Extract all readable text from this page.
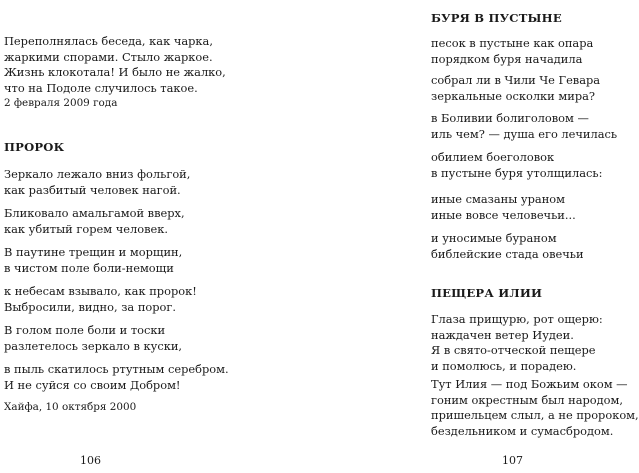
Переполнялась беседа, как чарка,
жаркими спорами. Стыло жаркое.
Жизнь клокотала! И было не жалко,
что на Подоле случилось такое.
2 февраля 2009 года
ПРОРОК
Зеркало лежало вниз фольгой,
как разбитый человек нагой.
Бликовало амальгамой вверх,
как убитый горем человек.
В паутине трещин и морщин,
в чистом поле боли-немощи
к небесам взывало, как пророк!
Выбросили, видно, за порог.
В голом поле боли и тоски
разлетелось зеркало в куски,
в пыль скатилось ртутным серебром.
И не суйся со своим Добром!
Хайфа, 10 октября 2000
106
БУРЯ В ПУСТЫНЕ
песок в пустыне как опара
порядком буря начадила
собрал ли в Чили Че Гевара
зеркальные осколки мира?
в Боливии болиголовом —
иль чем? — душа его лечилась
обилием боеголовок
в пустыне буря утолщилась:
иные смазаны ураном
иные вовсе человечьи...
и уносимые бураном
библейские стада овечьи
ПЕЩЕРА ИЛИИ
Глаза прищурю, рот ощерю:
наждачен ветер Иудеи.
Я в свято-отческой пещере
и помолюсь, и порадею.
Тут Илия — под Божьим оком —
гоним окрестным был народом,
пришельцем слыл, а не пророком,
бездельником и сумасбродом.
107
